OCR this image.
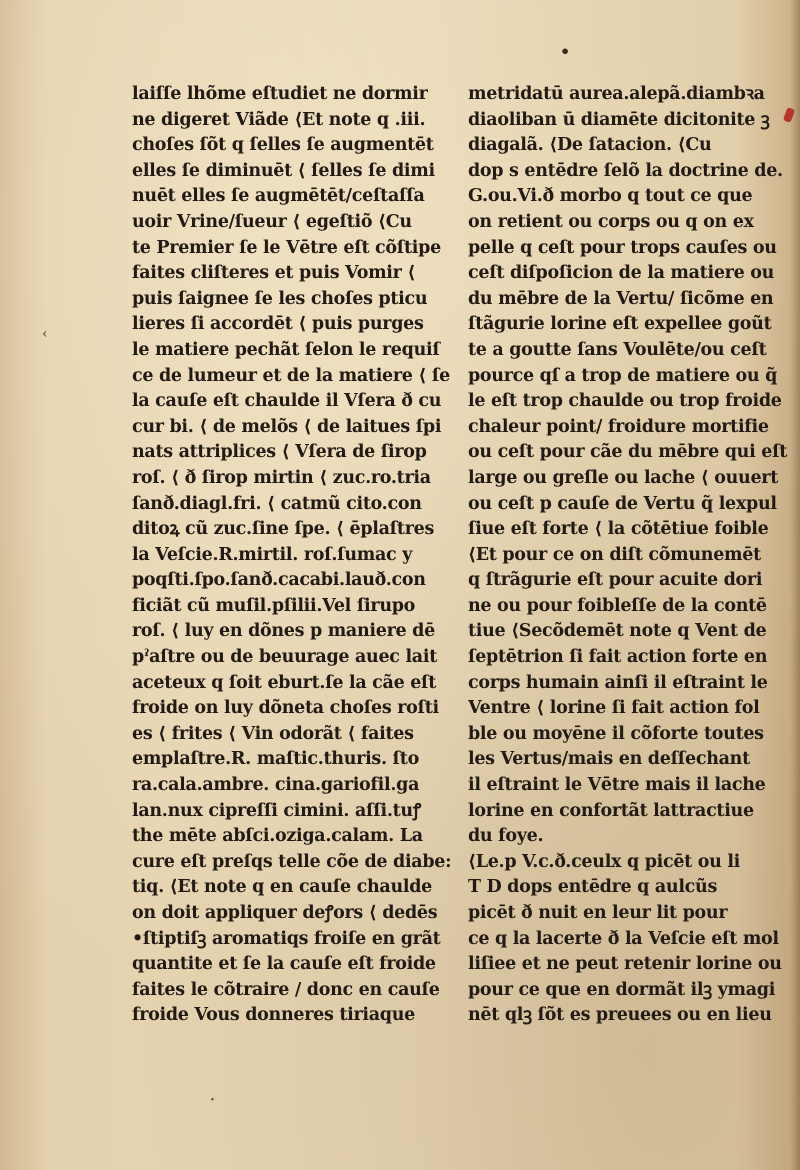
•
‹
·
laiſſe lhõme eſtudiet ne dormir
ne digeret Viãde ⟨Et note q .iii.
choſes ſõt q ſelles ſe augmentēt
elles ſe diminuēt ⟨ ſelles ſe dimi
nuēt elles ſe augmētēt/ceſtaſſa
uoir Vrine/ſueur ⟨ egeſtiõ ⟨Cu
te Premier ſe le Vētre eſt cõſtipe
faites cliſteres et puis Vomir ⟨
puis ſaignee ſe les choſes pticu
lieres ſi accordēt ⟨ puis purges
le matiere pechãt ſelon le requiſ
ce de lumeur et de la matiere ⟨ ſe
la cauſe eſt chaulde il Vſera ð cu
cur bi. ⟨ de melõs ⟨ de laitues ſpi
nats attriplices ⟨ Vſera de ſirop
roſ. ⟨ ð ſirop mirtin ⟨ zuc.ro.tria
ſanð.diagl.fri. ⟨ catmũ cito.con
ditoꝝ cũ zuc.ſine ſpe. ⟨ ēplaſtres
la Veſcie.R.mirtil. roſ.ſumac y
poqſti.ſpo.ſanð.cacabi.lauð.con
ficiãt cũ muſil.pſilii.Vel ſirupo
roſ. ⟨ luy en dõnes p maniere dē
pˀaſtre ou de beuurage auec lait
aceteux q ſoit eburt.ſe la cãe eſt
froide on luy dõneta choſes roſti
es ⟨ frites ⟨ Vin odorãt ⟨ faites
emplaſtre.R. maſtic.thuris. ſto
ra.cala.ambre. cina.gariofil.ga
lan.nux cipreſſi cimini. aſſi.tuꝭ
the mēte abſci.oziga.calam. La
cure eſt preſqs telle cõe de diabe:
tiq. ⟨Et note q en cauſe chaulde
on doit appliquer deꝭors ⟨ dedēs
•ſtiptiſꝫ aromatiqs froiſe en grãt
quantite et ſe la cauſe eſt froide
faites le cõtraire / donc en cauſe
froide Vous donneres tiriaque
metridatū aurea.alepã.diambꝛa
diaoliban ū diamēte dicitonite ꝫ
diagalã. ⟨De ſatacion. ⟨Cu
dop s entēdre ſelõ la doctrine de.
G.ou.Vi.ð morbo q tout ce que
on retient ou corps ou q on ex
pelle q ceſt pour trops cauſes ou
ceſt diſpoſicion de la matiere ou
du mēbre de la Vertu/ ſicõme en
ſtãgurie lorine eſt expellee goũt
te a goutte ſans Voulēte/ou ceſt
pource qſ a trop de matiere ou q̃
le eſt trop chaulde ou trop froide
chaleur point/ froidure mortifie
ou ceſt pour cãe du mēbre qui eſt
large ou greſle ou lache ⟨ ouuert
ou ceſt p cauſe de Vertu q̃ lexpul
ſiue eſt forte ⟨ la cõtētiue foible
⟨Et pour ce on diſt cõmunemēt
q ſtrãgurie eſt pour acuite dori
ne ou pour foibleſſe de la contē
tiue ⟨Secõdemēt note q Vent de
ſeptētrion ſi fait action forte en
corps humain ainſi il eſtraint le
Ventre ⟨ lorine ſi fait action fol
ble ou moyēne il cõforte toutes
les Vertus/mais en deſſechant
il eſtraint le Vētre mais il lache
lorine en confortãt lattractiue
du foye.
⟨Le.p V.c.ð.ceulx q picēt ou li
T D dops entēdre q aulcũs
picēt ð nuit en leur lit pour
ce q la lacerte ð la Veſcie eſt mol
liſiee et ne peut retenir lorine ou
pour ce que en dormãt ilꝫ ymagi
nēt qlꝫ ſõt es preuees ou en lieu
